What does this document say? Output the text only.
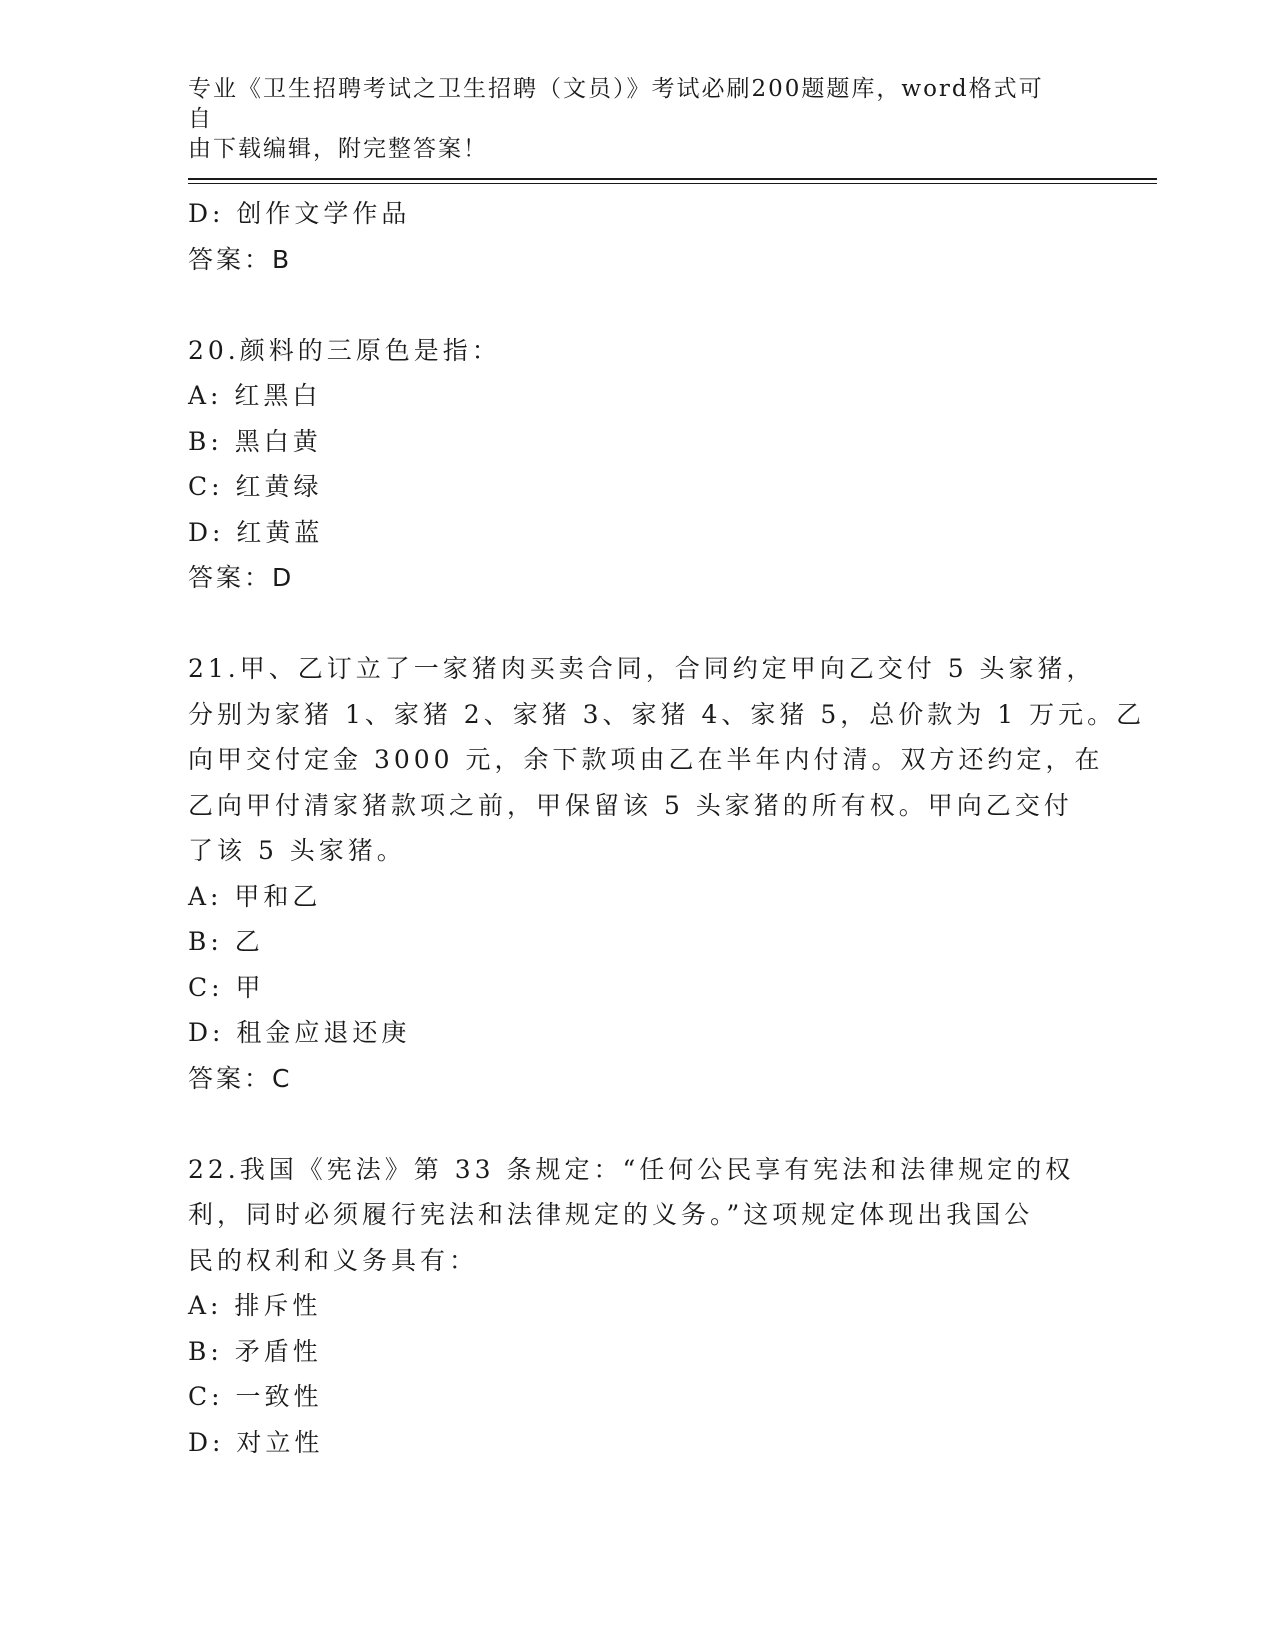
专业《卫生招聘考试之卫生招聘（文员）》考试必刷200题题库，word格式可自
由下载编辑，附完整答案！
D: 创作文学作品
答案：B
20.颜料的三原色是指：
A: 红黑白
B: 黑白黄
C: 红黄绿
D: 红黄蓝
答案：D
21.甲、乙订立了一家猪肉买卖合同，合同约定甲向乙交付 5 头家猪，
分别为家猪 1、家猪 2、家猪 3、家猪 4、家猪 5，总价款为 1 万元。乙
向甲交付定金 3000 元，余下款项由乙在半年内付清。双方还约定，在
乙向甲付清家猪款项之前，甲保留该 5 头家猪的所有权。甲向乙交付
了该 5 头家猪。
A: 甲和乙
B: 乙
C: 甲
D: 租金应退还庚
答案：C
22.我国《宪法》第 33 条规定：“任何公民享有宪法和法律规定的权
利，同时必须履行宪法和法律规定的义务。”这项规定体现出我国公
民的权利和义务具有：
A: 排斥性
B: 矛盾性
C: 一致性
D: 对立性
